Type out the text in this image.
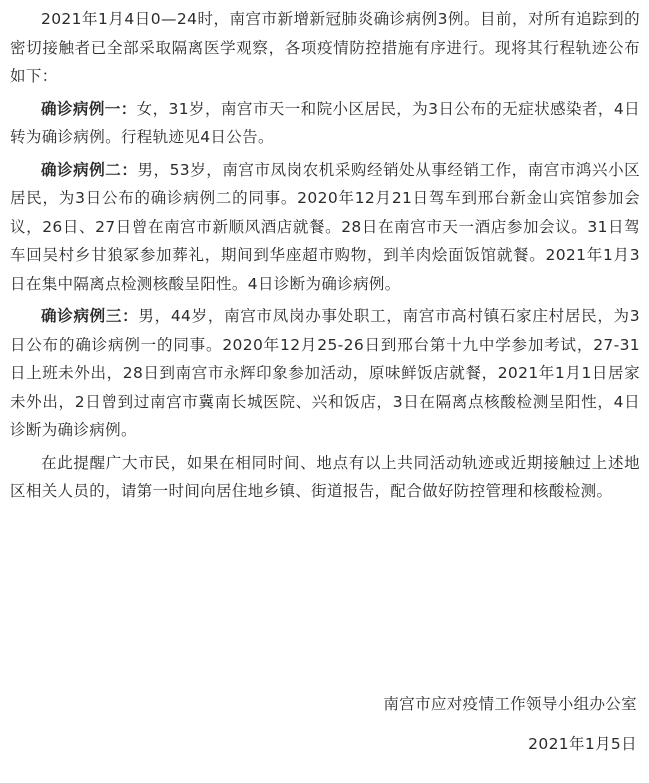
2021年1月4日0—24时，南宫市新增新冠肺炎确诊病例3例。目前，对所有追踪到的密切接触者已全部采取隔离医学观察，各项疫情防控措施有序进行。现将其行程轨迹公布如下：

确诊病例一：女，31岁，南宫市天一和院小区居民，为3日公布的无症状感染者，4日转为确诊病例。行程轨迹见4日公告。

确诊病例二：男，53岁，南宫市凤岗农机采购经销处从事经销工作，南宫市鸿兴小区居民，为3日公布的确诊病例二的同事。2020年12月21日驾车到邢台新金山宾馆参加会议，26日、27日曾在南宫市新顺风酒店就餐。28日在南宫市天一酒店参加会议。31日驾车回吴村乡甘狼冢参加葬礼，期间到华座超市购物，到羊肉烩面饭馆就餐。2021年1月3日在集中隔离点检测核酸呈阳性。4日诊断为确诊病例。

确诊病例三：男，44岁，南宫市凤岗办事处职工，南宫市高村镇石家庄村居民，为3日公布的确诊病例一的同事。2020年12月25-26日到邢台第十九中学参加考试，27-31日上班未外出，28日到南宫市永辉印象参加活动，原味鲜饭店就餐，2021年1月1日居家未外出，2日曾到过南宫市冀南长城医院、兴和饭店，3日在隔离点核酸检测呈阳性，4日诊断为确诊病例。

在此提醒广大市民，如果在相同时间、地点有以上共同活动轨迹或近期接触过上述地区相关人员的，请第一时间向居住地乡镇、街道报告，配合做好防控管理和核酸检测。

南宫市应对疫情工作领导小组办公室

2021年1月5日
